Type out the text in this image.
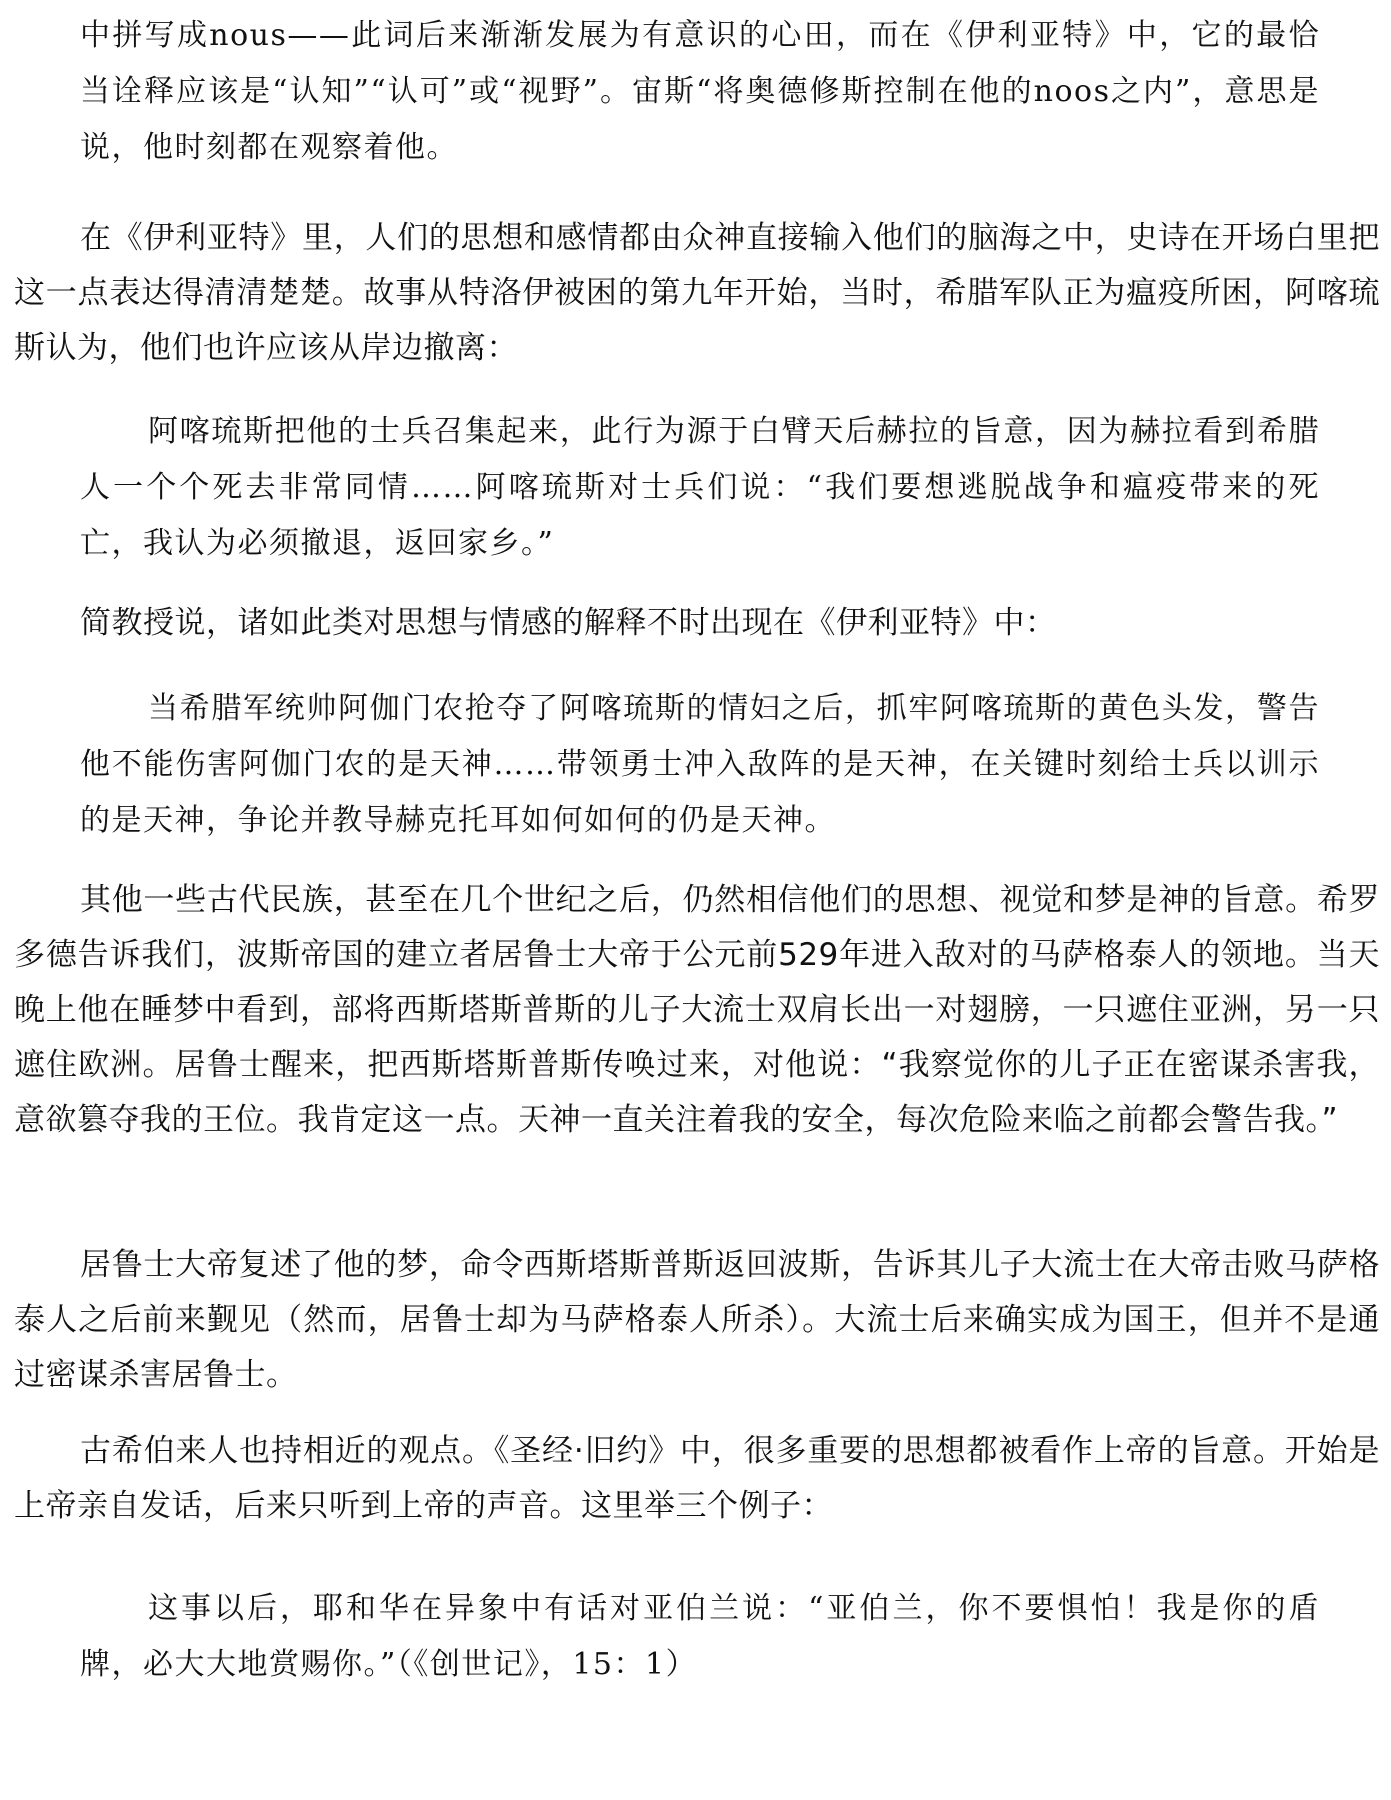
中拼写成nous——此词后来渐渐发展为有意识的心田，而在《伊利亚特》中，它的最恰当诠释应该是“认知”“认可”或“视野”。宙斯“将奥德修斯控制在他的noos之内”，意思是说，他时刻都在观察着他。

在《伊利亚特》里，人们的思想和感情都由众神直接输入他们的脑海之中，史诗在开场白里把这一点表达得清清楚楚。故事从特洛伊被困的第九年开始，当时，希腊军队正为瘟疫所困，阿喀琉斯认为，他们也许应该从岸边撤离：

阿喀琉斯把他的士兵召集起来，此行为源于白臂天后赫拉的旨意，因为赫拉看到希腊人一个个死去非常同情……阿喀琉斯对士兵们说：“我们要想逃脱战争和瘟疫带来的死亡，我认为必须撤退，返回家乡。”

简教授说，诸如此类对思想与情感的解释不时出现在《伊利亚特》中：

当希腊军统帅阿伽门农抢夺了阿喀琉斯的情妇之后，抓牢阿喀琉斯的黄色头发，警告他不能伤害阿伽门农的是天神……带领勇士冲入敌阵的是天神，在关键时刻给士兵以训示的是天神，争论并教导赫克托耳如何如何的仍是天神。

其他一些古代民族，甚至在几个世纪之后，仍然相信他们的思想、视觉和梦是神的旨意。希罗多德告诉我们，波斯帝国的建立者居鲁士大帝于公元前529年进入敌对的马萨格泰人的领地。当天晚上他在睡梦中看到，部将西斯塔斯普斯的儿子大流士双肩长出一对翅膀，一只遮住亚洲，另一只遮住欧洲。居鲁士醒来，把西斯塔斯普斯传唤过来，对他说：“我察觉你的儿子正在密谋杀害我，意欲篡夺我的王位。我肯定这一点。天神一直关注着我的安全，每次危险来临之前都会警告我。”

居鲁士大帝复述了他的梦，命令西斯塔斯普斯返回波斯，告诉其儿子大流士在大帝击败马萨格泰人之后前来觐见（然而，居鲁士却为马萨格泰人所杀）。大流士后来确实成为国王，但并不是通过密谋杀害居鲁士。

古希伯来人也持相近的观点。《圣经·旧约》中，很多重要的思想都被看作上帝的旨意。开始是上帝亲自发话，后来只听到上帝的声音。这里举三个例子：

这事以后，耶和华在异象中有话对亚伯兰说：“亚伯兰，你不要惧怕！我是你的盾牌，必大大地赏赐你。”（《创世记》，15：1）
